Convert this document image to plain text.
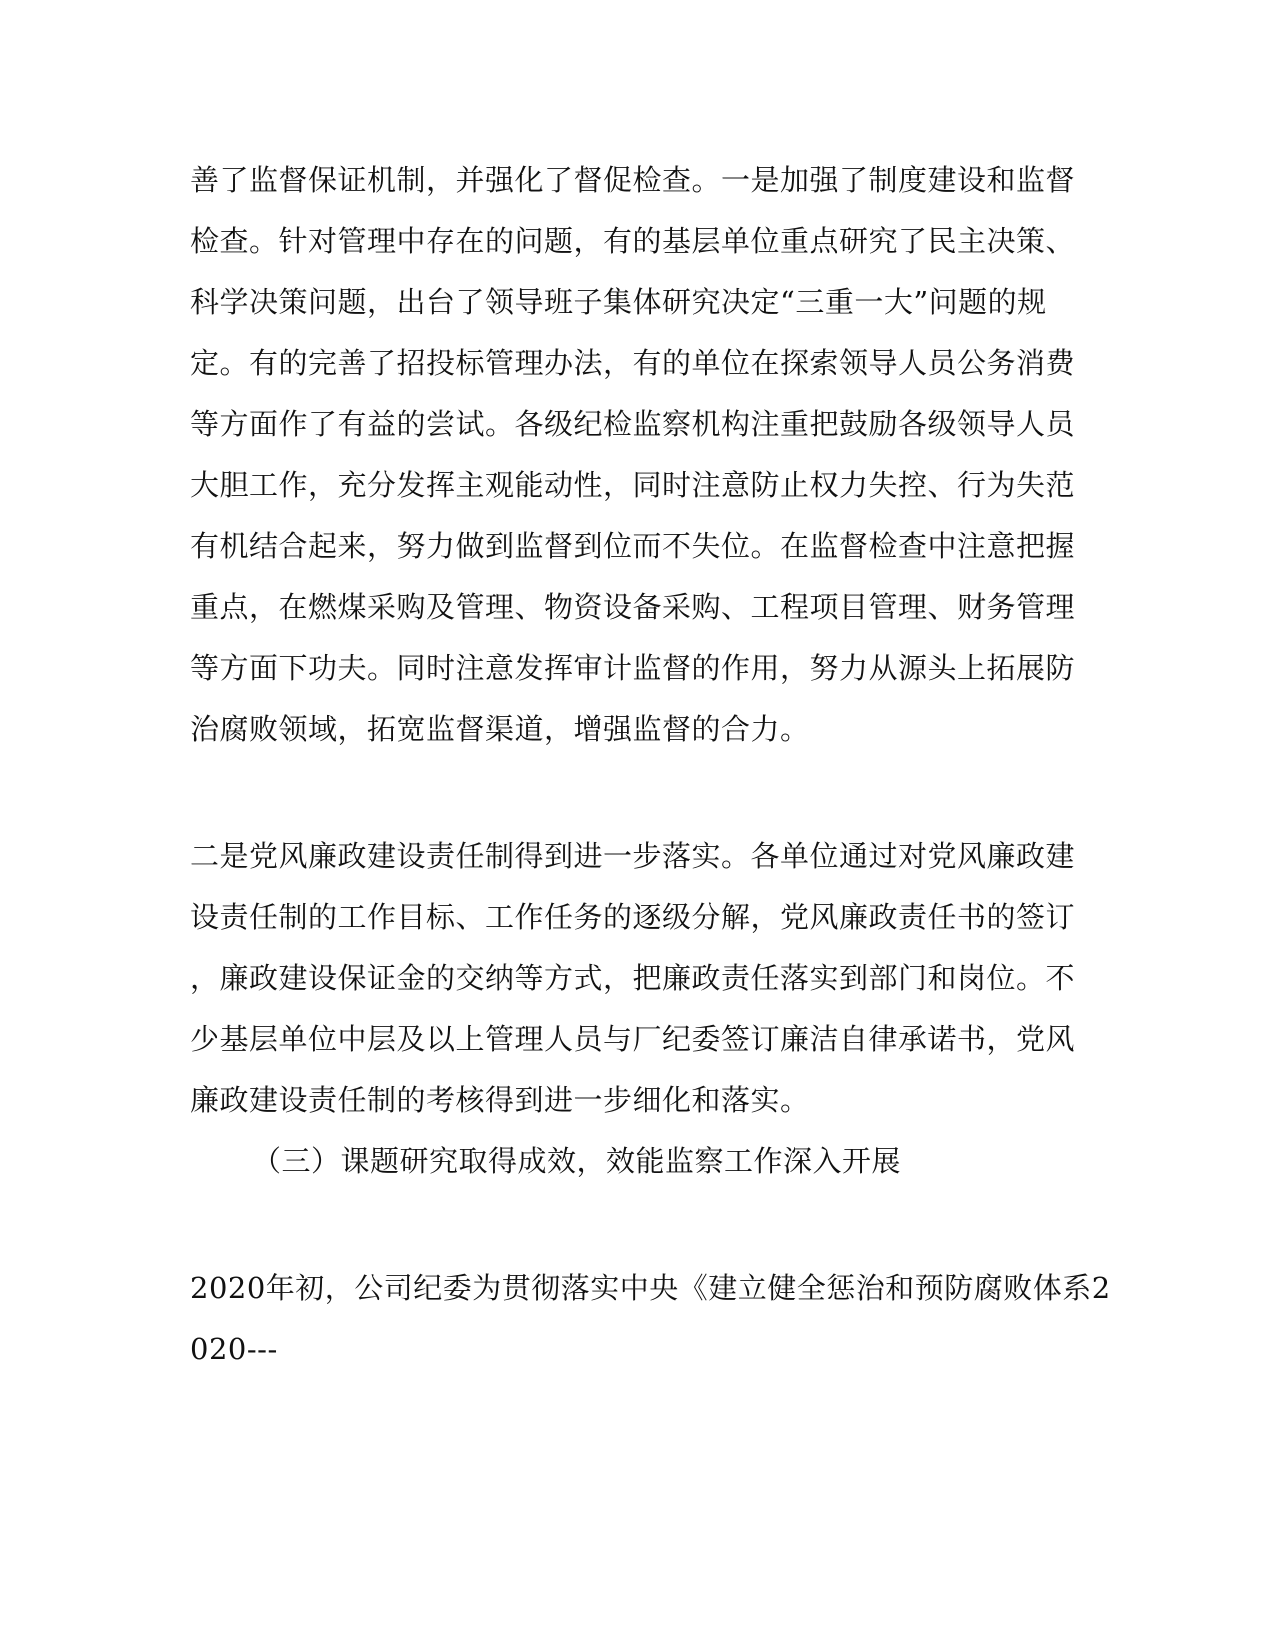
善了监督保证机制，并强化了督促检查。一是加强了制度建设和监督
检查。针对管理中存在的问题，有的基层单位重点研究了民主决策、
科学决策问题，出台了领导班子集体研究决定“三重一大”问题的规
定。有的完善了招投标管理办法，有的单位在探索领导人员公务消费
等方面作了有益的尝试。各级纪检监察机构注重把鼓励各级领导人员
大胆工作，充分发挥主观能动性，同时注意防止权力失控、行为失范
有机结合起来，努力做到监督到位而不失位。在监督检查中注意把握
重点，在燃煤采购及管理、物资设备采购、工程项目管理、财务管理
等方面下功夫。同时注意发挥审计监督的作用，努力从源头上拓展防
治腐败领域，拓宽监督渠道，增强监督的合力。
二是党风廉政建设责任制得到进一步落实。各单位通过对党风廉政建
设责任制的工作目标、工作任务的逐级分解，党风廉政责任书的签订
，廉政建设保证金的交纳等方式，把廉政责任落实到部门和岗位。不
少基层单位中层及以上管理人员与厂纪委签订廉洁自律承诺书，党风
廉政建设责任制的考核得到进一步细化和落实。
（三）课题研究取得成效，效能监察工作深入开展
2020年初，公司纪委为贯彻落实中央《建立健全惩治和预防腐败体系2
020---
